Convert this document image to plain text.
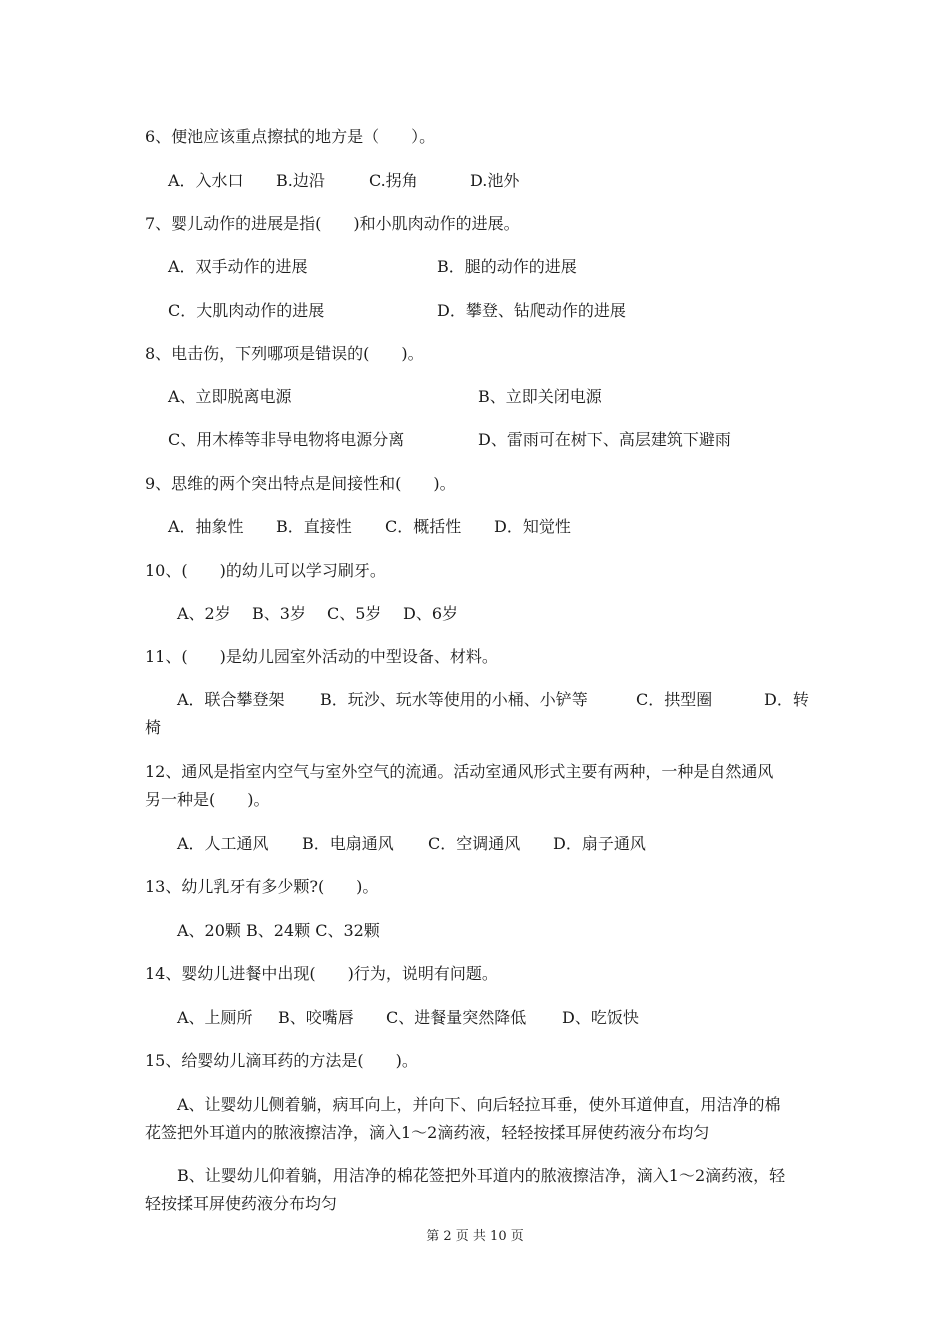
6、便池应该重点擦拭的地方是（　　）。
A．入水口 B.边沿	C.拐角	D.池外
7、婴儿动作的进展是指(　　)和小肌肉动作的进展。
A．双手动作的进展	B．腿的动作的进展
C．大肌肉动作的进展	D．攀登、钻爬动作的进展
8、电击伤，下列哪项是错误的(　　)。
A、立即脱离电源	B、立即关闭电源
C、用木棒等非导电物将电源分离	D、雷雨可在树下、高层建筑下避雨
9、思维的两个突出特点是间接性和(　　)。
A．抽象性 B．直接性 C．概括性 D．知觉性
10、(　　)的幼儿可以学习刷牙。
A、2岁 B、3岁 C、5岁 D、6岁
11、(　　)是幼儿园室外活动的中型设备、材料。
A．联合攀登架 B．玩沙、玩水等使用的小桶、小铲等	C．拱型圈	D．转
椅
12、通风是指室内空气与室外空气的流通。活动室通风形式主要有两种，一种是自然通风
另一种是(　　)。
A．人工通风 B．电扇通风 C．空调通风 D．扇子通风
13、幼儿乳牙有多少颗?(　　)。
A、20颗 B、24颗 C、32颗
14、婴幼儿进餐中出现(　　)行为，说明有问题。
A、上厕所 B、咬嘴唇 C、进餐量突然降低 D、吃饭快
15、给婴幼儿滴耳药的方法是(　　)。
A、让婴幼儿侧着躺，病耳向上，并向下、向后轻拉耳垂，使外耳道伸直，用洁净的棉
花签把外耳道内的脓液擦洁净，滴入1～2滴药液，轻轻按揉耳屏使药液分布均匀
B、让婴幼儿仰着躺，用洁净的棉花签把外耳道内的脓液擦洁净，滴入1～2滴药液，轻
轻按揉耳屏使药液分布均匀
第 2 页 共 10 页
